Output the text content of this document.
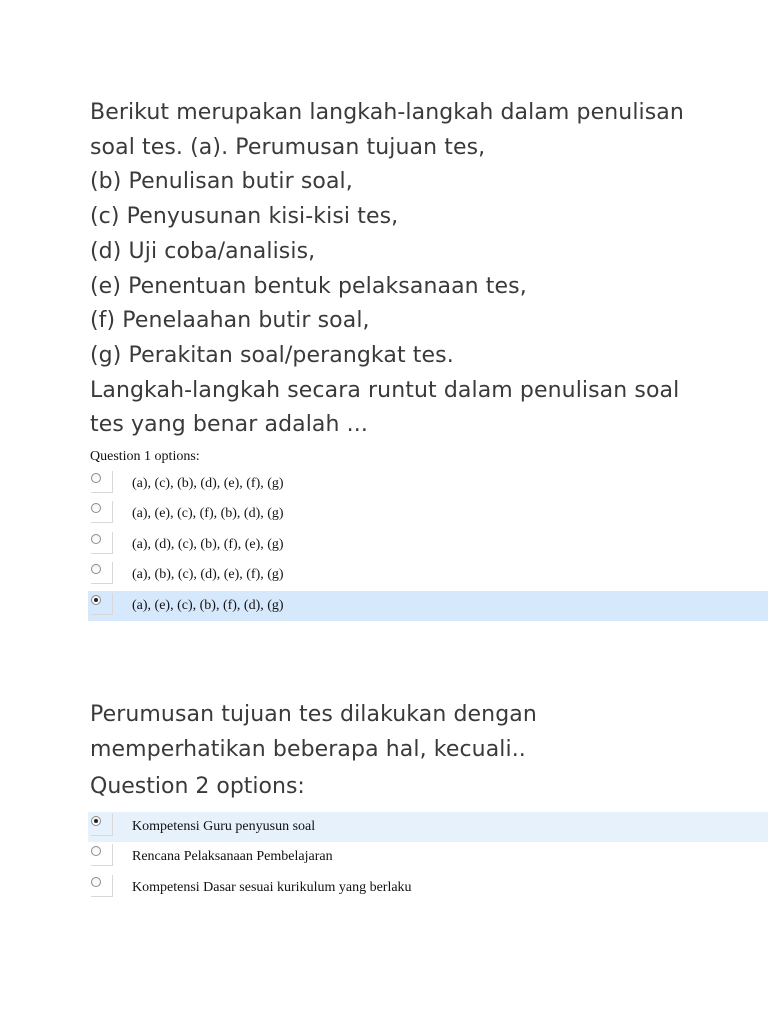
Berikut merupakan langkah-langkah dalam penulisan
soal tes. (a). Perumusan tujuan tes,
(b) Penulisan butir soal,
(c) Penyusunan kisi-kisi tes,
(d) Uji coba/analisis,
(e) Penentuan bentuk pelaksanaan tes,
(f) Penelaahan butir soal,
(g) Perakitan soal/perangkat tes.
Langkah-langkah secara runtut dalam penulisan soal
tes yang benar adalah ...
Question 1 options:
(a), (c), (b), (d), (e), (f), (g)
(a), (e), (c), (f), (b), (d), (g)
(a), (d), (c), (b), (f), (e), (g)
(a), (b), (c), (d), (e), (f), (g)
(a), (e), (c), (b), (f), (d), (g)
Perumusan tujuan tes dilakukan dengan
memperhatikan beberapa hal, kecuali..
Question 2 options:
Kompetensi Guru penyusun soal
Rencana Pelaksanaan Pembelajaran
Kompetensi Dasar sesuai kurikulum yang berlaku
